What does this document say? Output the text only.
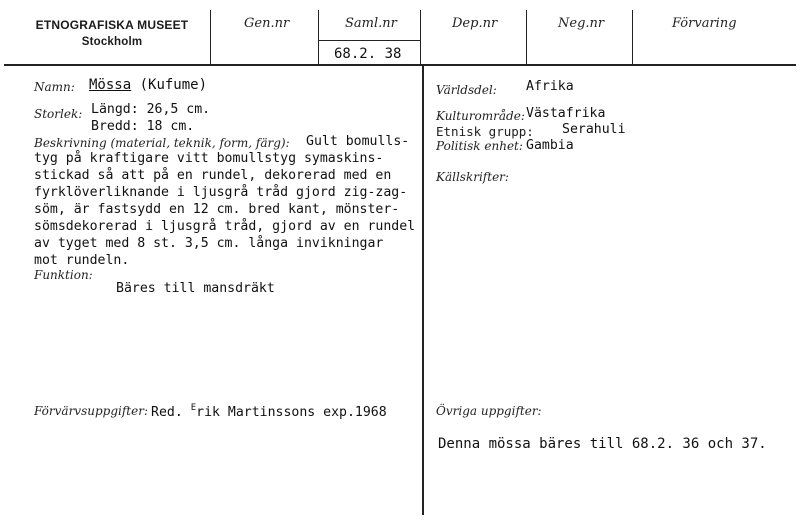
ETNOGRAFISKA MUSEET
Stockholm
Gen.nr	Saml.nr
68.2. 38
Dep.nr	Neg.nr	Förvaring
Namn: Mössa (Kufume)
Storlek: Längd: 26,5 cm.
Bredd: 18 cm.
Beskrivning (material, teknik, form, färg): Gult bomulls-
tyg på kraftigare vitt bomullstyg symaskins-
stickad så att på en rundel, dekorerad med en
fyrklöverliknande i ljusgrå tråd gjord zig-zag-
söm, är fastsydd en 12 cm. bred kant, mönster-
sömsdekorerad i ljusgrå tråd, gjord av en rundel
av tyget med 8 st. 3,5 cm. långa invikningar
mot rundeln.
Funktion:
Bäres till mansdräkt
Förvärvsuppgifter: Red. $^E$rik Martinssons exp.1968
Världsdel: Afrika
Kulturområde: Västafrika
Etnisk grupp: Serahuli
Politisk enhet: Gambia
Källskrifter:
Övriga uppgifter:
Denna mössa bäres till 68.2. 36 och 37.
